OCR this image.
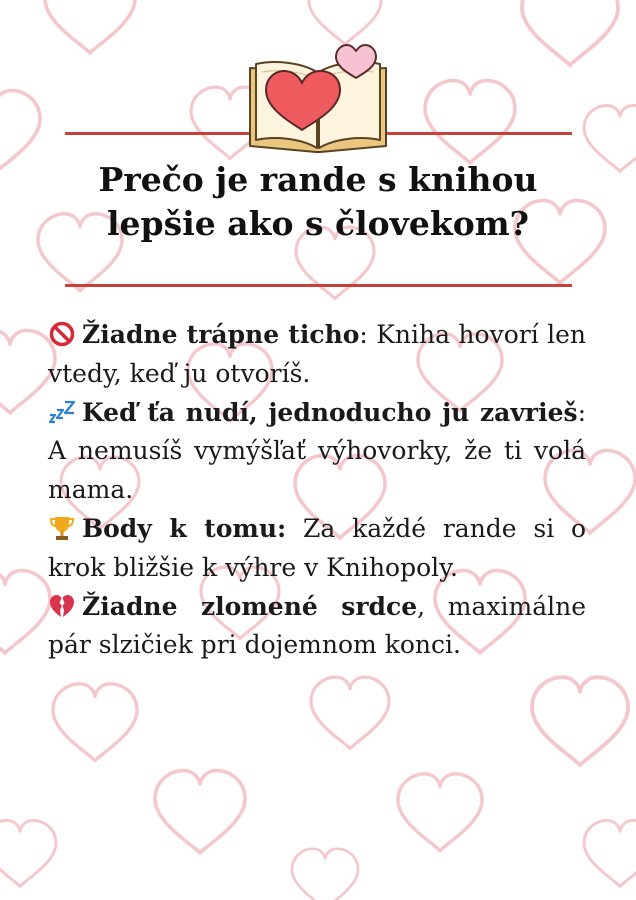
Prečo je rande s knihou
lepšie ako s človekom?

Žiadne trápne ticho: Kniha hovorí len vtedy, keď ju otvoríš.

Keď ťa nudí, jednoducho ju zavrieš: A nemusíš vymýšľať výhovorky, že ti volá mama.

Body k tomu: Za každé rande si o krok bližšie k výhre v Knihopoly.

Žiadne zlomené srdce, maximálne pár slzičiek pri dojemnom konci.
